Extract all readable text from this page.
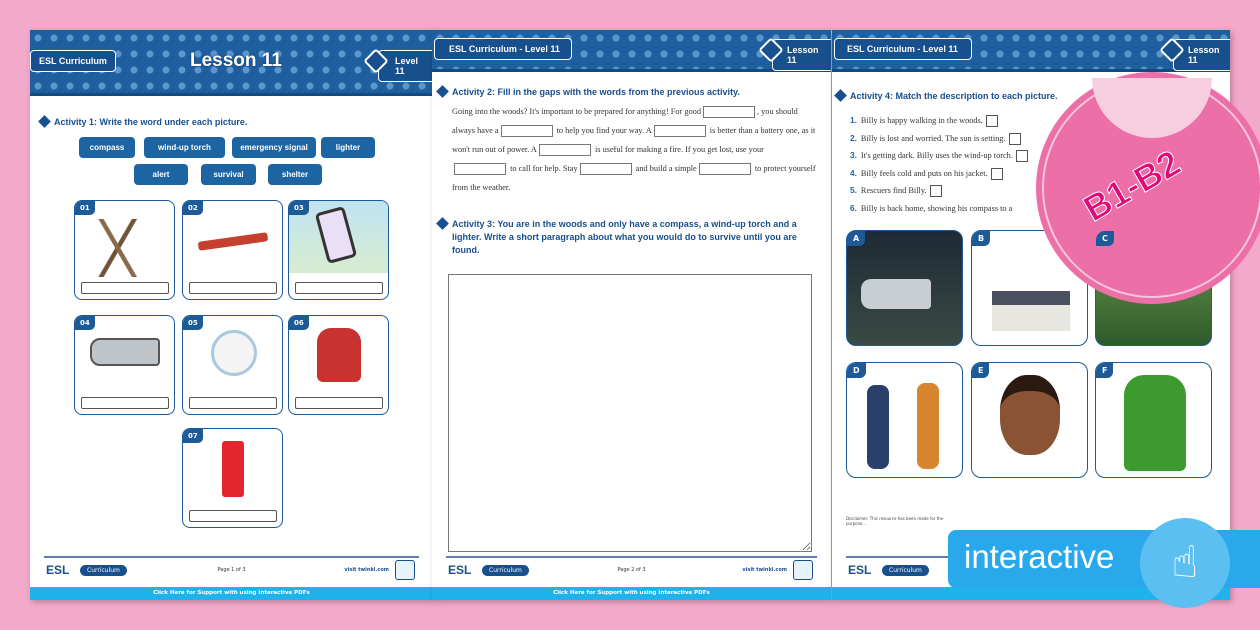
ESL Curriculum	Lesson 11	Level 11
Activity 1: Write the word under each picture.
compass	wind-up torch	emergency signal	lighter
alert	survival	shelter
01	02	03
04	05	06
07
ESL	Curriculum	Page 1 of 3	visit twinkl.com
Click Here for Support with using Interactive PDFs
ESL Curriculum - Level 11	Lesson 11
Activity 2: Fill in the gaps with the words from the previous activity.
Going into the woods? It's important to be prepared for anything! For good	, you should always have a	to help you find your way. A	is better than a battery one, as it won't run out of power. A	is useful for making a fire. If you get lost, use your to call for help. Stay	and build a simple	to protect yourself from the weather.
Activity 3: You are in the woods and only have a compass, a wind-up torch and a lighter. Write a short paragraph about what you would do to survive until you are found.
ESL	Curriculum	Page 2 of 3	visit twinkl.com
Click Here for Support with using Interactive PDFs
ESL Curriculum - Level 11	Lesson 11
Activity 4: Match the description to each picture.
1. Billy is happy walking in the woods.
2. Billy is lost and worried. The sun is setting.
3. It's getting dark. Billy uses the wind-up torch.
4. Billy feels cold and puts on his jacket.
5. Rescuers find Billy.
6. Billy is back home, showing his compass to a
A	B	C
D	E	F
Disclaimer: This resource has been made for the purpose...
ESL	Curriculum
B1-B2
interactive	☝
